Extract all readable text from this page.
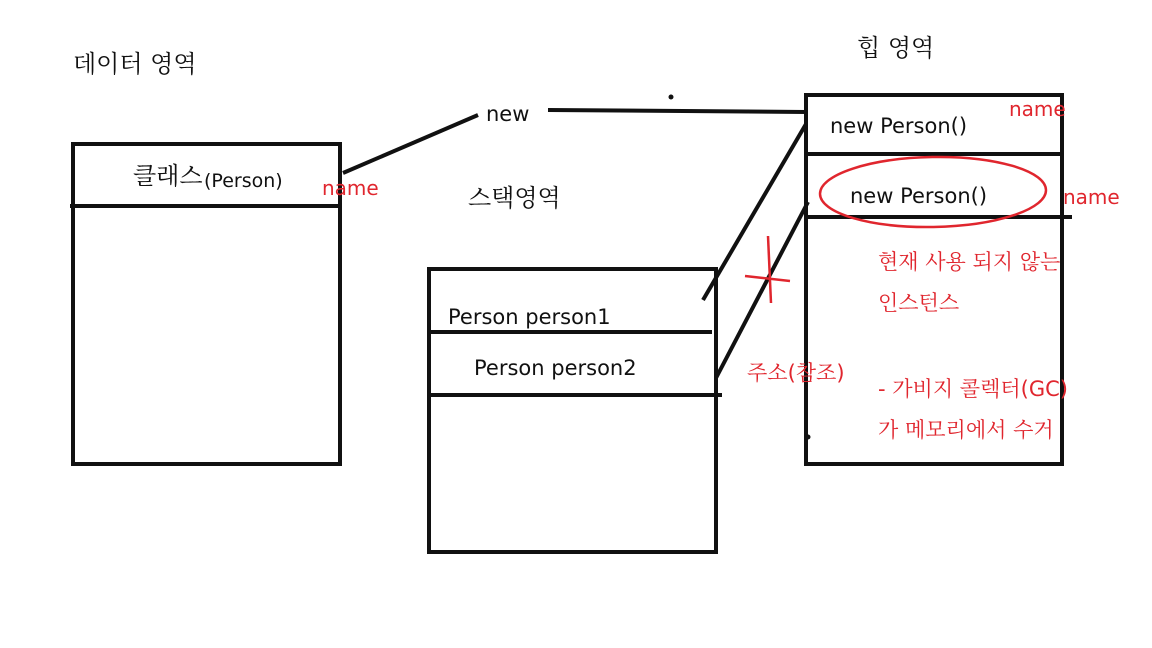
데이터 영역
클래스 (Person) name
new
스택영역
Person person1
Person person2
힙 영역
new Person()
name
new Person()	name
현재 사용 되지 않는
인스턴스
주소(참조)
- 가비지 콜렉터(GC)
가 메모리에서 수거
